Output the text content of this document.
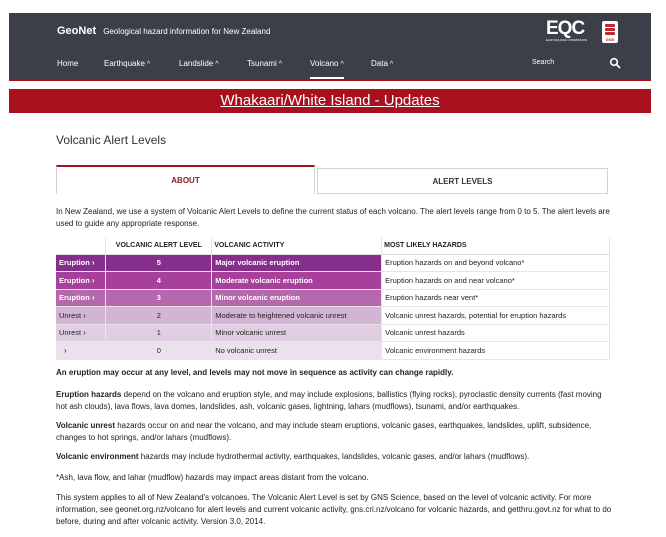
GeoNet Geological hazard information for New Zealand	EQC
EARTHQUAKE COMMISSION	GNS
Home	Earthquake ^	Landslide ^	Tsunami ^	Volcano ^	Data ^	Search
Whakaari/White Island - Updates
Volcanic Alert Levels
ABOUT	ALERT LEVELS
In New Zealand, we use a system of Volcanic Alert Levels to define the current status of each volcano. The alert levels range from 0 to 5. The alert levels are used to guide any appropriate response.
	VOLCANIC ALERT LEVEL	VOLCANIC ACTIVITY	MOST LIKELY HAZARDS
Eruption ›	5	Major volcanic eruption	Eruption hazards on and beyond volcano*
Eruption ›	4	Moderate volcanic eruption	Eruption hazards on and near volcano*
Eruption ›	3	Minor volcanic eruption	Eruption hazards near vent*
Unrest ›	2	Moderate to heightened volcanic unrest	Volcanic unrest hazards, potential for eruption hazards
Unrest ›	1	Minor volcanic unrest	Volcanic unrest hazards
›	0	No volcanic unrest	Volcanic environment hazards
An eruption may occur at any level, and levels may not move in sequence as activity can change rapidly.
Eruption hazards depend on the volcano and eruption style, and may include explosions, ballistics (flying rocks), pyroclastic density currents (fast moving hot ash clouds), lava flows, lava domes, landslides, ash, volcanic gases, lightning, lahars (mudflows), tsunami, and/or earthquakes.
Volcanic unrest hazards occur on and near the volcano, and may include steam eruptions, volcanic gases, earthquakes, landslides, uplift, subsidence, changes to hot springs, and/or lahars (mudflows).
Volcanic environment hazards may include hydrothermal activity, earthquakes, landslides, volcanic gases, and/or lahars (mudflows).
*Ash, lava flow, and lahar (mudflow) hazards may impact areas distant from the volcano.
This system applies to all of New Zealand's volcanoes. The Volcanic Alert Level is set by GNS Science, based on the level of volcanic activity. For more information, see geonet.org.nz/volcano for alert levels and current volcanic activity, gns.cri.nz/volcano for volcanic hazards, and getthru.govt.nz for what to do before, during and after volcanic activity. Version 3.0, 2014.
